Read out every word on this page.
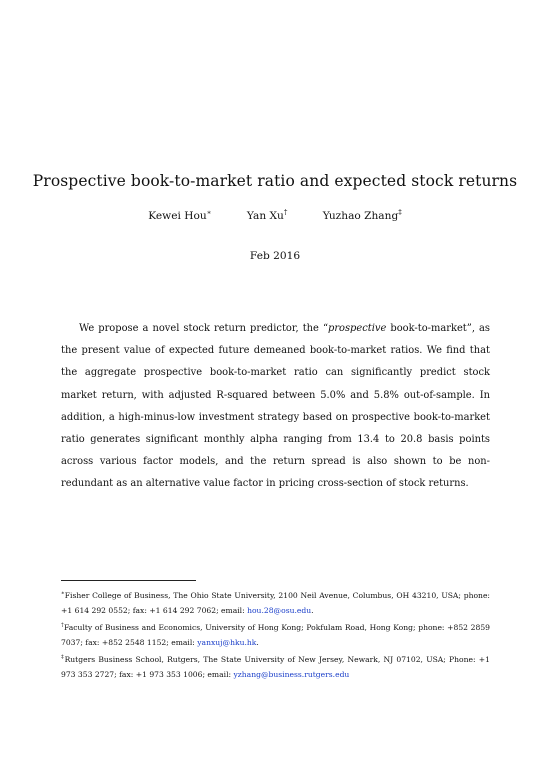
Prospective book-to-market ratio and expected stock returns
Kewei Hou∗	Yan Xu†	Yuzhao Zhang‡
Feb 2016

We propose a novel stock return predictor, the “prospective book-to-market”, as the present value of expected future demeaned book-to-market ratios. We find that the aggregate prospective book-to-market ratio can significantly predict stock market return, with adjusted R-squared between 5.0% and 5.8% out-of-sample. In addition, a high-minus-low investment strategy based on prospective book-to-market ratio generates significant monthly alpha ranging from 13.4 to 20.8 basis points across various factor models, and the return spread is also shown to be non-redundant as an alternative value factor in pricing cross-section of stock returns.

∗Fisher College of Business, The Ohio State University, 2100 Neil Avenue, Columbus, OH 43210, USA; phone: +1 614 292 0552; fax: +1 614 292 7062; email: hou.28@osu.edu.
†Faculty of Business and Economics, University of Hong Kong; Pokfulam Road, Hong Kong; phone: +852 2859 7037; fax: +852 2548 1152; email: yanxuj@hku.hk.
‡Rutgers Business School, Rutgers, The State University of New Jersey, Newark, NJ 07102, USA; Phone: +1 973 353 2727; fax: +1 973 353 1006; email: yzhang@business.rutgers.edu
